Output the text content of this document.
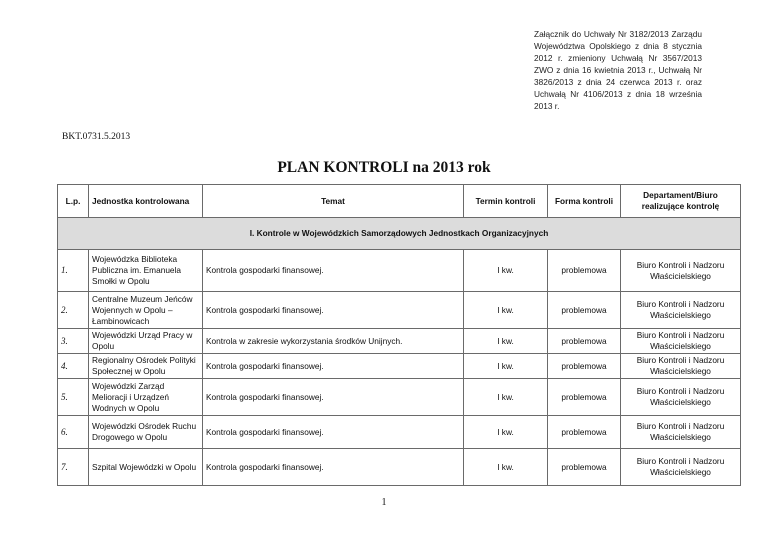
Załącznik do Uchwały Nr 3182/2013 Zarządu Województwa Opolskiego z dnia 8 stycznia 2012 r. zmieniony Uchwałą Nr 3567/2013 ZWO z dnia 16 kwietnia 2013 r., Uchwałą Nr 3826/2013 z dnia 24 czerwca 2013 r. oraz Uchwałą Nr 4106/2013 z dnia 18 września 2013 r.
BKT.0731.5.2013
PLAN KONTROLI na 2013 rok
L.p.	Jednostka kontrolowana	Temat	Termin kontroli	Forma kontroli	Departament/Biuro realizujące kontrolę
I. Kontrole w Wojewódzkich Samorządowych Jednostkach Organizacyjnych					
1.	Wojewódzka Biblioteka Publiczna im. Emanuela Smołki w Opolu	Kontrola gospodarki finansowej.	I kw.	problemowa	Biuro Kontroli i Nadzoru Właścicielskiego
2.	Centralne Muzeum Jeńców Wojennych w Opolu – Łambinowicach	Kontrola gospodarki finansowej.	I kw.	problemowa	Biuro Kontroli i Nadzoru Właścicielskiego
3.	Wojewódzki Urząd Pracy w Opolu	Kontrola w zakresie wykorzystania środków Unijnych.	I kw.	problemowa	Biuro Kontroli i Nadzoru Właścicielskiego
4.	Regionalny Ośrodek Polityki Społecznej w Opolu	Kontrola gospodarki finansowej.	I kw.	problemowa	Biuro Kontroli i Nadzoru Właścicielskiego
5.	Wojewódzki Zarząd Melioracji i Urządzeń Wodnych w Opolu	Kontrola gospodarki finansowej.	I kw.	problemowa	Biuro Kontroli i Nadzoru Właścicielskiego
6.	Wojewódzki Ośrodek Ruchu Drogowego w Opolu	Kontrola gospodarki finansowej.	I kw.	problemowa	Biuro Kontroli i Nadzoru Właścicielskiego
7.	Szpital Wojewódzki w Opolu	Kontrola gospodarki finansowej.	I kw.	problemowa	Biuro Kontroli i Nadzoru Właścicielskiego
1
